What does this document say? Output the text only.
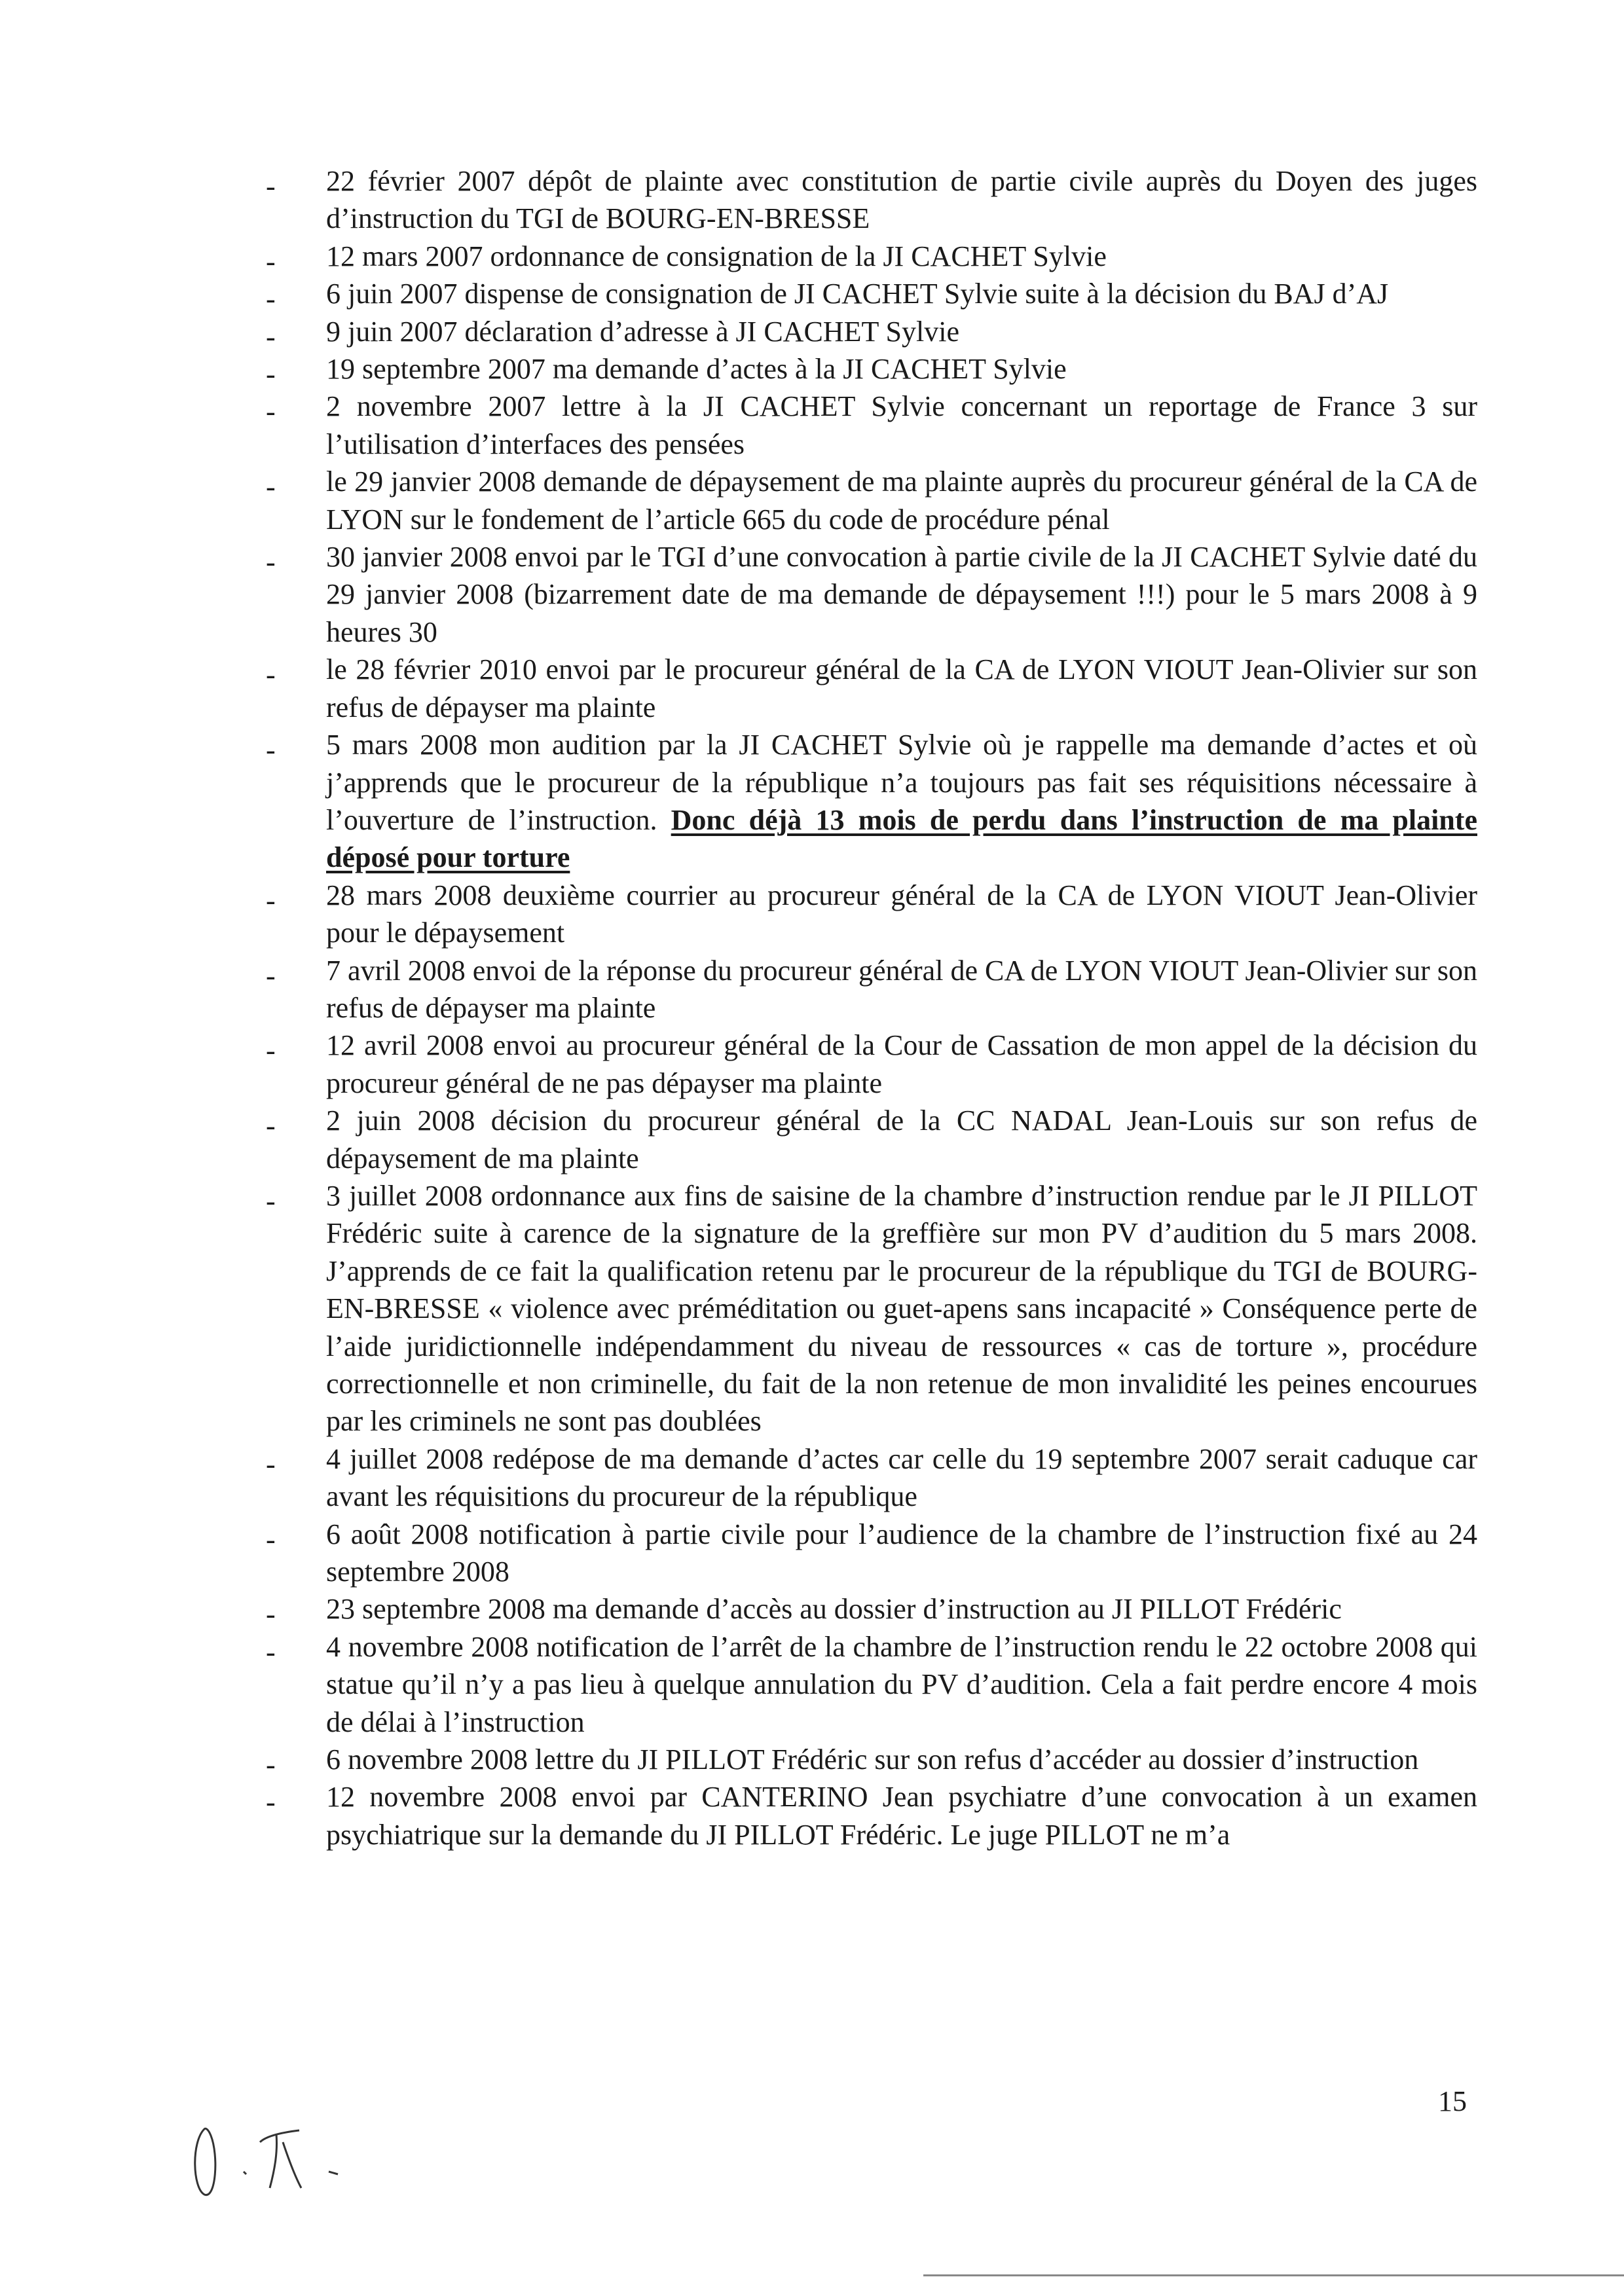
- 22 février 2007 dépôt de plainte avec constitution de partie civile auprès du Doyen des juges d’instruction du TGI de BOURG-EN-BRESSE
- 12 mars 2007 ordonnance de consignation de la JI CACHET Sylvie
- 6 juin 2007 dispense de consignation de JI CACHET Sylvie suite à la décision du BAJ d’AJ
- 9 juin 2007 déclaration d’adresse à JI CACHET Sylvie
- 19 septembre 2007 ma demande d’actes à la JI CACHET Sylvie
- 2 novembre 2007 lettre à la JI CACHET Sylvie concernant un reportage de France 3 sur l’utilisation d’interfaces des pensées
- le 29 janvier 2008 demande de dépaysement de ma plainte auprès du procureur général de la CA de LYON sur le fondement de l’article 665 du code de procédure pénal
- 30 janvier 2008 envoi par le TGI d’une convocation à partie civile de la JI CACHET Sylvie daté du 29 janvier 2008 (bizarrement date de ma demande de dépaysement !!!) pour le 5 mars 2008 à 9 heures 30
- le 28 février 2010 envoi par le procureur général de la CA de LYON VIOUT Jean-Olivier sur son refus de dépayser ma plainte
- 5 mars 2008 mon audition par la JI CACHET Sylvie où je rappelle ma demande d’actes et où j’apprends que le procureur de la république n’a toujours pas fait ses réquisitions nécessaire à l’ouverture de l’instruction. Donc déjà 13 mois de perdu dans l’instruction de ma plainte déposé pour torture
- 28 mars 2008 deuxième courrier au procureur général de la CA de LYON VIOUT Jean-Olivier pour le dépaysement
- 7 avril 2008 envoi de la réponse du procureur général de CA de LYON VIOUT Jean-Olivier sur son refus de dépayser ma plainte
- 12 avril 2008 envoi au procureur général de la Cour de Cassation de mon appel de la décision du procureur général de ne pas dépayser ma plainte
- 2 juin 2008 décision du procureur général de la CC NADAL Jean-Louis sur son refus de dépaysement de ma plainte
- 3 juillet 2008 ordonnance aux fins de saisine de la chambre d’instruction rendue par le JI PILLOT Frédéric suite à carence de la signature de la greffière sur mon PV d’audition du 5 mars 2008. J’apprends de ce fait la qualification retenu par le procureur de la république du TGI de BOURG-EN-BRESSE « violence avec préméditation ou guet-apens sans incapacité » Conséquence perte de l’aide juridictionnelle indépendamment du niveau de ressources « cas de torture », procédure correctionnelle et non criminelle, du fait de la non retenue de mon invalidité les peines encourues par les criminels ne sont pas doublées
- 4 juillet 2008 redépose de ma demande d’actes car celle du 19 septembre 2007 serait caduque car avant les réquisitions du procureur de la république
- 6 août 2008 notification à partie civile pour l’audience de la chambre de l’instruction fixé au 24 septembre 2008
- 23 septembre 2008 ma demande d’accès au dossier d’instruction au JI PILLOT Frédéric
- 4 novembre 2008 notification de l’arrêt de la chambre de l’instruction rendu le 22 octobre 2008 qui statue qu’il n’y a pas lieu à quelque annulation du PV d’audition. Cela a fait perdre encore 4 mois de délai à l’instruction
- 6 novembre 2008 lettre du JI PILLOT Frédéric sur son refus d’accéder au dossier d’instruction
- 12 novembre 2008 envoi par CANTERINO Jean psychiatre d’une convocation à un examen psychiatrique sur la demande du JI PILLOT Frédéric. Le juge PILLOT ne m’a
15
